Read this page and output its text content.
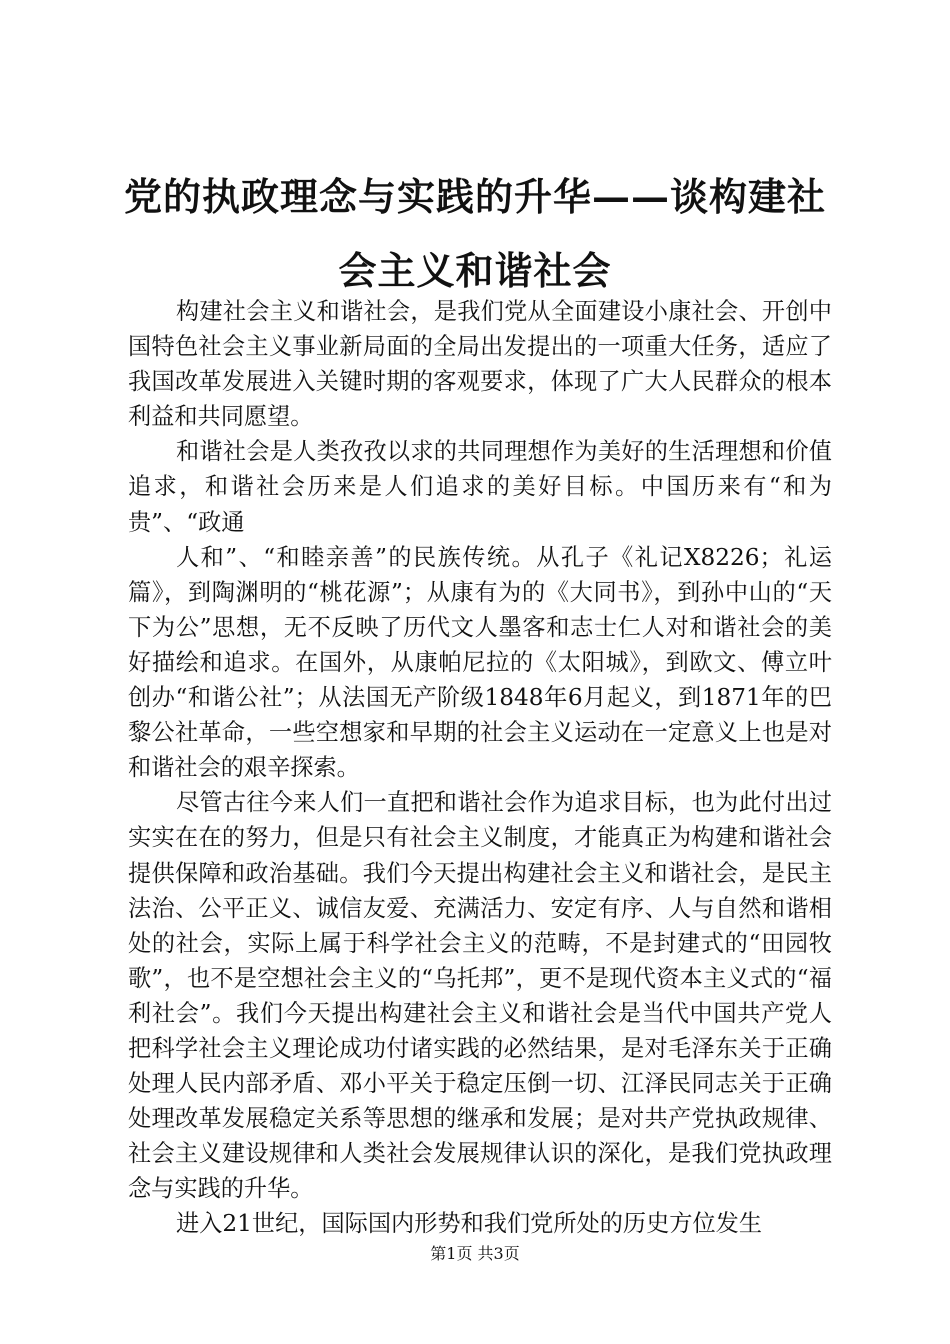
党的执政理念与实践的升华——谈构建社会主义和谐社会

构建社会主义和谐社会，是我们党从全面建设小康社会、开创中国特色社会主义事业新局面的全局出发提出的一项重大任务，适应了我国改革发展进入关键时期的客观要求，体现了广大人民群众的根本利益和共同愿望。

和谐社会是人类孜孜以求的共同理想作为美好的生活理想和价值追求，和谐社会历来是人们追求的美好目标。中国历来有“和为贵”、“政通

人和”、“和睦亲善”的民族传统。从孔子《礼记X8226；礼运篇》，到陶渊明的“桃花源”；从康有为的《大同书》，到孙中山的“天下为公”思想，无不反映了历代文人墨客和志士仁人对和谐社会的美好描绘和追求。在国外，从康帕尼拉的《太阳城》，到欧文、傅立叶创办“和谐公社”；从法国无产阶级1848年6月起义，到1871年的巴黎公社革命，一些空想家和早期的社会主义运动在一定意义上也是对和谐社会的艰辛探索。

尽管古往今来人们一直把和谐社会作为追求目标，也为此付出过实实在在的努力，但是只有社会主义制度，才能真正为构建和谐社会提供保障和政治基础。我们今天提出构建社会主义和谐社会，是民主法治、公平正义、诚信友爱、充满活力、安定有序、人与自然和谐相处的社会，实际上属于科学社会主义的范畴，不是封建式的“田园牧歌”，也不是空想社会主义的“乌托邦”，更不是现代资本主义式的“福利社会”。我们今天提出构建社会主义和谐社会是当代中国共产党人把科学社会主义理论成功付诸实践的必然结果，是对毛泽东关于正确处理人民内部矛盾、邓小平关于稳定压倒一切、江泽民同志关于正确处理改革发展稳定关系等思想的继承和发展；是对共产党执政规律、社会主义建设规律和人类社会发展规律认识的深化，是我们党执政理念与实践的升华。

进入21世纪，国际国内形势和我们党所处的历史方位发生

第1页 共3页
